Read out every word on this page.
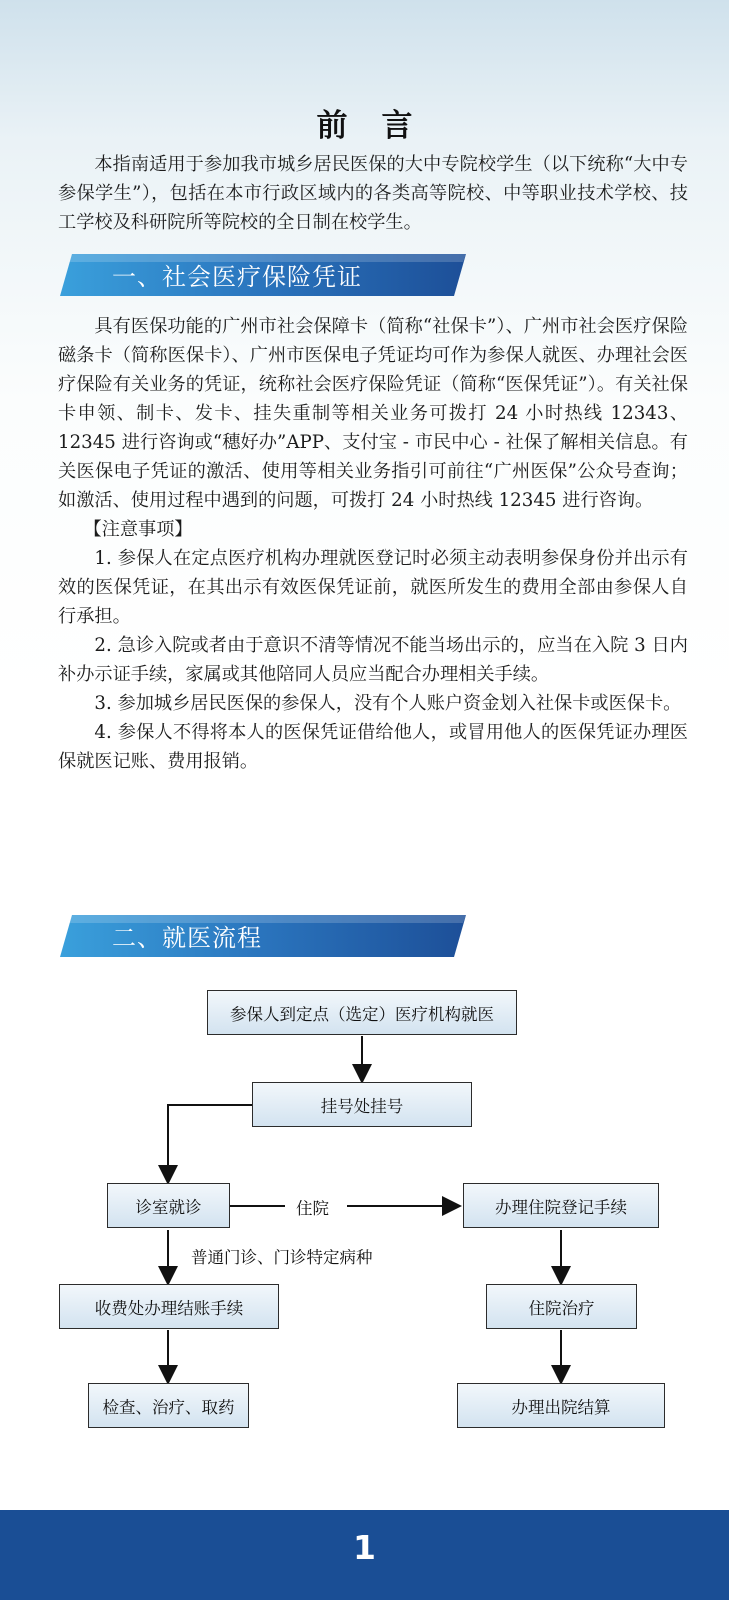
前言

本指南适用于参加我市城乡居民医保的大中专院校学生（以下统称“大中专参保学生”），包括在本市行政区域内的各类高等院校、中等职业技术学校、技工学校及科研院所等院校的全日制在校学生。

一、社会医疗保险凭证

具有医保功能的广州市社会保障卡（简称“社保卡”）、广州市社会医疗保险磁条卡（简称医保卡）、广州市医保电子凭证均可作为参保人就医、办理社会医疗保险有关业务的凭证，统称社会医疗保险凭证（简称“医保凭证”）。有关社保卡申领、制卡、发卡、挂失重制等相关业务可拨打 24 小时热线 12343、12345 进行咨询或“穗好办”APP、支付宝 - 市民中心 - 社保了解相关信息。有关医保电子凭证的激活、使用等相关业务指引可前往“广州医保”公众号查询；如激活、使用过程中遇到的问题，可拨打 24 小时热线 12345 进行咨询。

【注意事项】

1. 参保人在定点医疗机构办理就医登记时必须主动表明参保身份并出示有效的医保凭证，在其出示有效医保凭证前，就医所发生的费用全部由参保人自行承担。

2. 急诊入院或者由于意识不清等情况不能当场出示的，应当在入院 3 日内补办示证手续，家属或其他陪同人员应当配合办理相关手续。

3. 参加城乡居民医保的参保人，没有个人账户资金划入社保卡或医保卡。

4. 参保人不得将本人的医保凭证借给他人，或冒用他人的医保凭证办理医保就医记账、费用报销。

二、就医流程
参保人到定点（选定）医疗机构就医
挂号处挂号
诊室就诊	住院	办理住院登记手续
普通门诊、门诊特定病种
收费处办理结账手续	住院治疗
检查、治疗、取药	办理出院结算
1
